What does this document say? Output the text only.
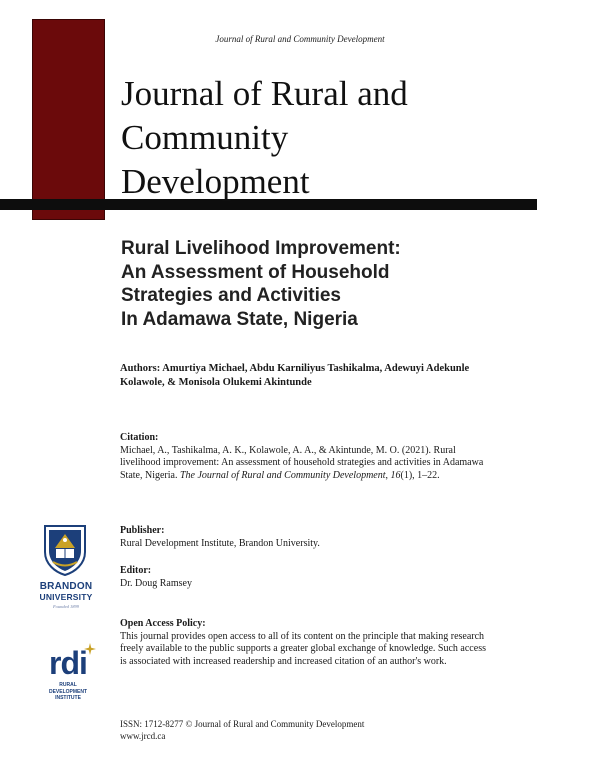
Journal of Rural and Community Development
Journal of Rural and
Community
Development
Rural Livelihood Improvement:
An Assessment of Household
Strategies and Activities
In Adamawa State, Nigeria
Authors: Amurtiya Michael, Abdu Karniliyus Tashikalma, Adewuyi Adekunle Kolawole, & Monisola Olukemi Akintunde
Citation:
Michael, A., Tashikalma, A. K., Kolawole, A. A., & Akintunde, M. O. (2021). Rural livelihood improvement: An assessment of household strategies and activities in Adamawa State, Nigeria. The Journal of Rural and Community Development, 16(1), 1–22.
Publisher:
Rural Development Institute, Brandon University.
Editor:
Dr. Doug Ramsey
Open Access Policy:
This journal provides open access to all of its content on the principle that making research freely available to the public supports a greater global exchange of knowledge. Such access is associated with increased readership and increased citation of an author's work.
ISSN: 1712-8277 © Journal of Rural and Community Development
www.jrcd.ca
BRANDON
UNIVERSITY
Founded 1899
rdi
RURAL
DEVELOPMENT
INSTITUTE
